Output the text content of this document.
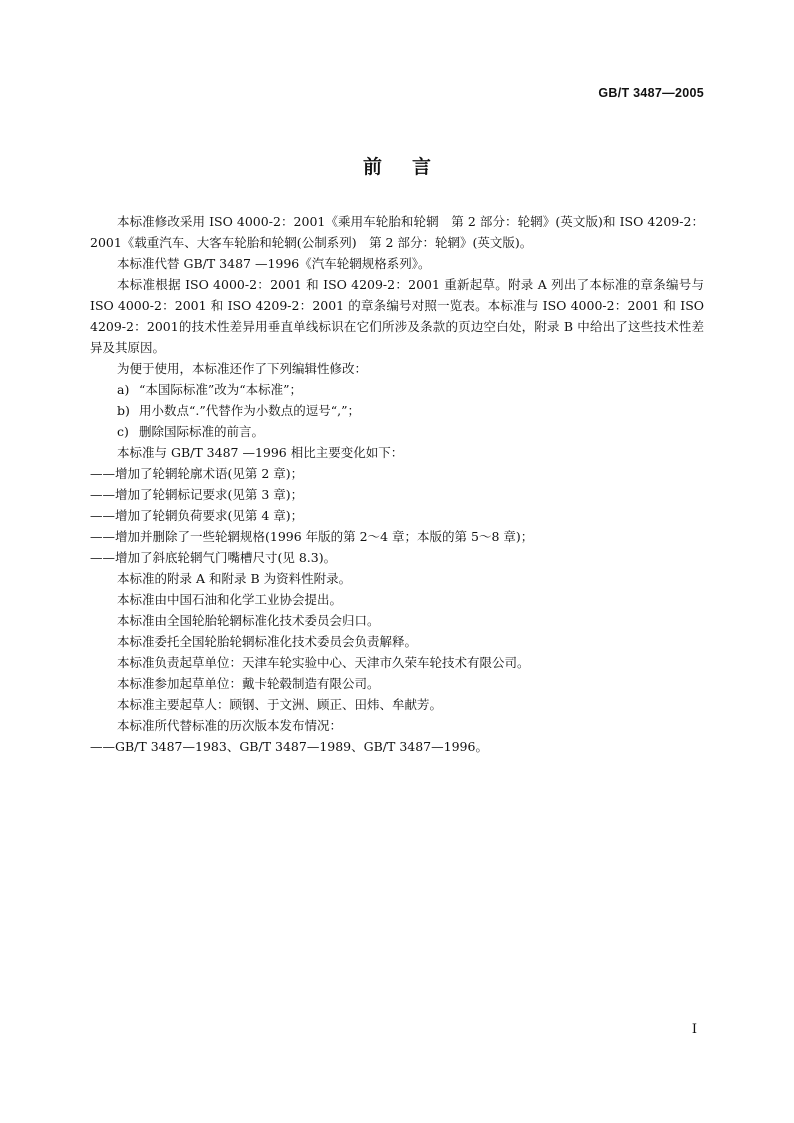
GB/T 3487—2005
前言

本标准修改采用 ISO 4000-2：2001《乘用车轮胎和轮辋　第 2 部分：轮辋》(英文版)和 ISO 4209-2：2001《载重汽车、大客车轮胎和轮辋(公制系列)　第 2 部分：轮辋》(英文版)。

本标准代替 GB/T 3487 —1996《汽车轮辋规格系列》。

本标准根据 ISO 4000-2：2001 和 ISO 4209-2：2001 重新起草。附录 A 列出了本标准的章条编号与 ISO 4000-2：2001 和 ISO 4209-2：2001 的章条编号对照一览表。本标准与 ISO 4000-2：2001 和 ISO 4209-2：2001的技术性差异用垂直单线标识在它们所涉及条款的页边空白处，附录 B 中给出了这些技术性差异及其原因。

为便于使用，本标准还作了下列编辑性修改：

a) “本国际标准”改为“本标准”；
b) 用小数点“.”代替作为小数点的逗号“,”；
c) 删除国际标准的前言。

本标准与 GB/T 3487 —1996 相比主要变化如下：

——增加了轮辋轮廓术语(见第 2 章)；

——增加了轮辋标记要求(见第 3 章)；

——增加了轮辋负荷要求(见第 4 章)；

——增加并删除了一些轮辋规格(1996 年版的第 2～4 章；本版的第 5～8 章)；

——增加了斜底轮辋气门嘴槽尺寸(见 8.3)。

本标准的附录 A 和附录 B 为资料性附录。

本标准由中国石油和化学工业协会提出。

本标准由全国轮胎轮辋标准化技术委员会归口。

本标准委托全国轮胎轮辋标准化技术委员会负责解释。

本标准负责起草单位：天津车轮实验中心、天津市久荣车轮技术有限公司。

本标准参加起草单位：戴卡轮毂制造有限公司。

本标准主要起草人：顾钢、于文洲、顾正、田炜、牟献芳。

本标准所代替标准的历次版本发布情况：

——GB/T 3487—1983、GB/T 3487—1989、GB/T 3487—1996。

I
